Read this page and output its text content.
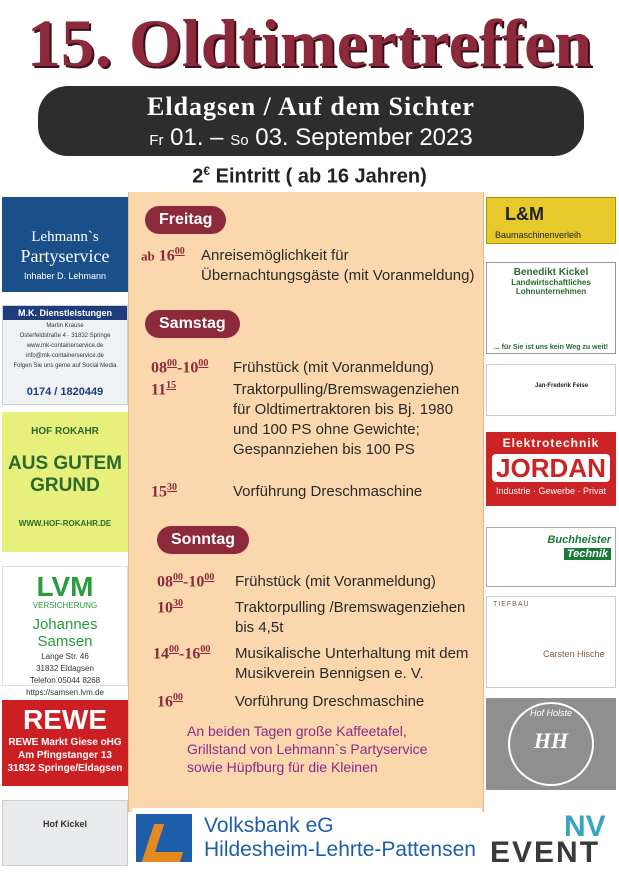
15. Oldtimertreffen
Eldagsen / Auf dem Sichter
Fr 01. – So 03. September 2023
2€ Eintritt ( ab 16 Jahren)
Freitag
ab $16^{00}$ Anreisemöglichkeit für Übernachtungsgäste (mit Voranmeldung)
Samstag
$08^{00}-10^{00}$ Frühstück (mit Voranmeldung)
$11^{15}$	Traktorpulling/Bremswagenziehen für Oldtimertraktoren bis Bj. 1980 und 100 PS ohne Gewichte; Gespannziehen bis 100 PS
$15^{30}$	Vorführung Dreschmaschine
Sonntag
$08^{00}-10^{00}$ Frühstück (mit Voranmeldung)
$10^{30}$	Traktorpulling /Bremswagenziehen bis 4,5t
$14^{00}-16^{00}$ Musikalische Unterhaltung mit dem Musikverein Bennigsen e. V.
$16^{00}$	Vorführung Dreschmaschine
An beiden Tagen große Kaffeetafel, Grillstand von Lehmann`s Partyservice sowie Hüpfburg für die Kleinen
Lehmann`s
Partyservice
Inhaber D. Lehmann
M.K. Dienstleistungen
Martin Krause
Osterfeldstraße 4 · 31832 Springe
www.mk-containerservice.de
info@mk-containerservice.de
Folgen Sie uns gerne auf Social Media
0174 / 1820449
HOF ROKAHR
AUS GUTEM GRUND
WWW.HOF-ROKAHR.DE
LVM
VERSICHERUNG
Johannes Samsen
Lange Str. 46
31832 Eldagsen
Telefon 05044 8268
https://samsen.lvm.de
REWE
REWE Markt Giese oHG
Am Pfingstanger 13
31832 Springe/Eldagsen
Hof Kickel
L&M
Baumaschinenverleih
Benedikt Kickel
Landwirtschaftliches Lohnunternehmen
... für Sie ist uns kein Weg zu weit!
Jan-Frederik Feise
Elektrotechnik
JORDAN
Industrie · Gewerbe · Privat
Buchheister
Technik
TIEFBAU
Carsten Hische
Hof Holste
HH
Volksbank eG
Hildesheim-Lehrte-Pattensen
NV
EVENT
